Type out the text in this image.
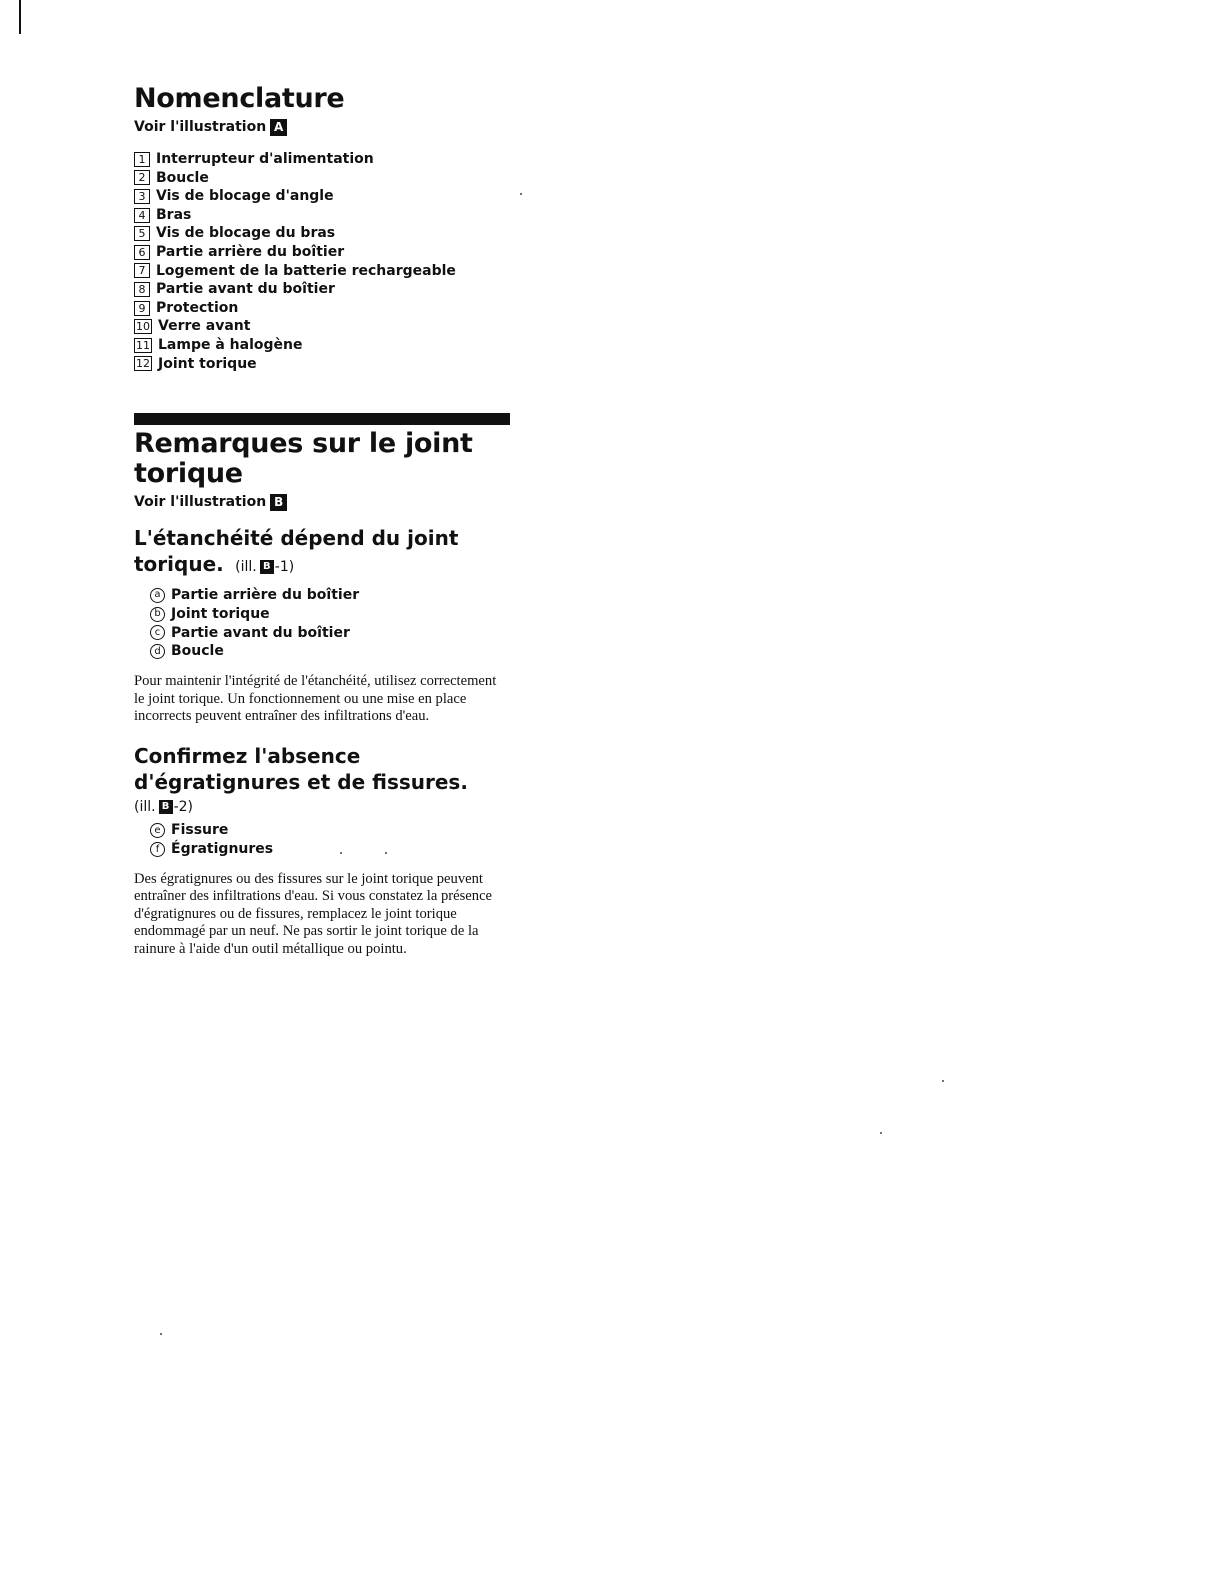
Nomenclature
Voir l'illustration A
1 Interrupteur d'alimentation
2 Boucle
3 Vis de blocage d'angle
4 Bras
5 Vis de blocage du bras
6 Partie arrière du boîtier
7 Logement de la batterie rechargeable
8 Partie avant du boîtier
9 Protection
10 Verre avant
11 Lampe à halogène
12 Joint torique
Remarques sur le joint torique
Voir l'illustration B
L'étanchéité dépend du joint torique. (ill. B -1)
a Partie arrière du boîtier
b Joint torique
c Partie avant du boîtier
d Boucle

Pour maintenir l'intégrité de l'étanchéité, utilisez correctement le joint torique. Un fonctionnement ou une mise en place incorrects peuvent entraîner des infiltrations d'eau.

Confirmez l'absence d'égratignures et de fissures.
(ill. B -2)
e Fissure
f Égratignures

Des égratignures ou des fissures sur le joint torique peuvent entraîner des infiltrations d'eau. Si vous constatez la présence d'égratignures ou de fissures, remplacez le joint torique endommagé par un neuf. Ne pas sortir le joint torique de la rainure à l'aide d'un outil métallique ou pointu.
